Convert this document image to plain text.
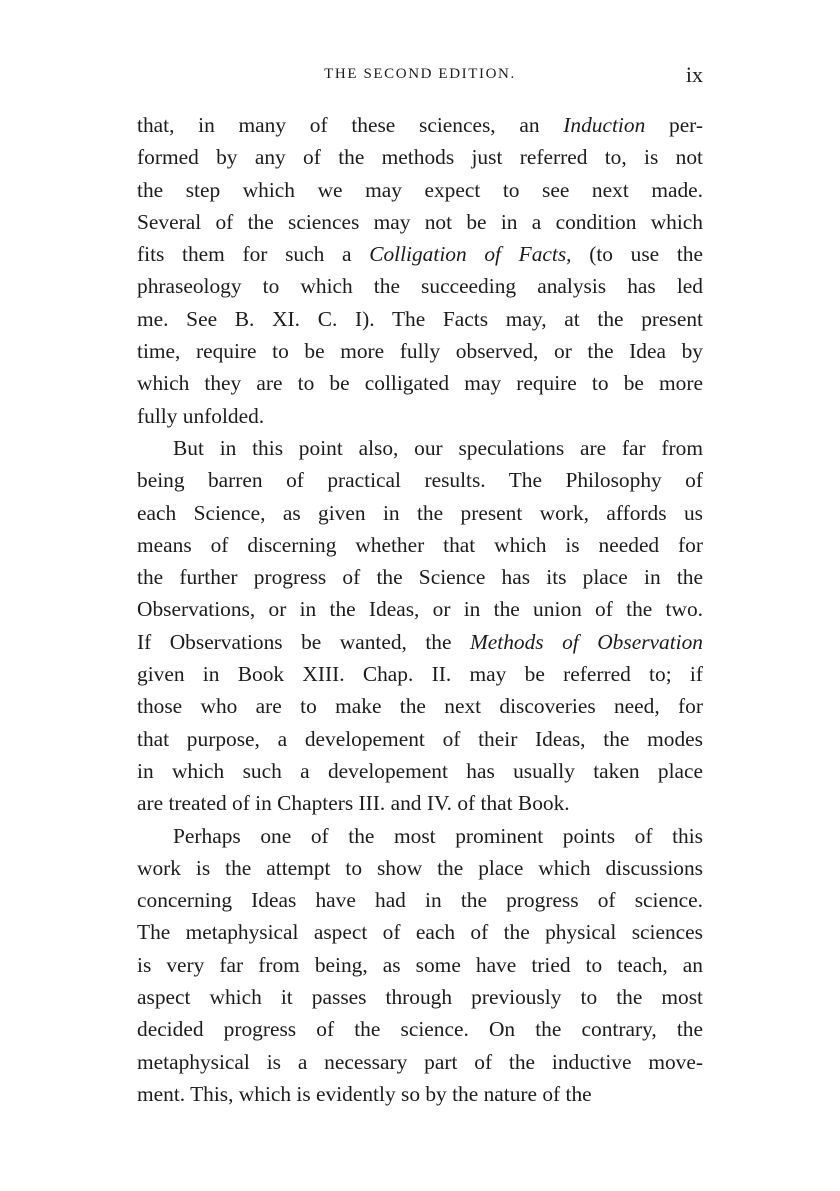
THE SECOND EDITION.	ix

that, in many of these sciences, an Induction per-
formed by any of the methods just referred to, is not
the step which we may expect to see next made.
Several of the sciences may not be in a condition which
fits them for such a Colligation of Facts, (to use the
phraseology to which the succeeding analysis has led
me. See B. XI. C. I). The Facts may, at the present
time, require to be more fully observed, or the Idea by
which they are to be colligated may require to be more
fully unfolded.

But in this point also, our speculations are far from
being barren of practical results. The Philosophy of
each Science, as given in the present work, affords us
means of discerning whether that which is needed for
the further progress of the Science has its place in the
Observations, or in the Ideas, or in the union of the two.
If Observations be wanted, the Methods of Observation
given in Book XIII. Chap. II. may be referred to; if
those who are to make the next discoveries need, for
that purpose, a developement of their Ideas, the modes
in which such a developement has usually taken place
are treated of in Chapters III. and IV. of that Book.

Perhaps one of the most prominent points of this
work is the attempt to show the place which discussions
concerning Ideas have had in the progress of science.
The metaphysical aspect of each of the physical sciences
is very far from being, as some have tried to teach, an
aspect which it passes through previously to the most
decided progress of the science. On the contrary, the
metaphysical is a necessary part of the inductive move-
ment. This, which is evidently so by the nature of the
